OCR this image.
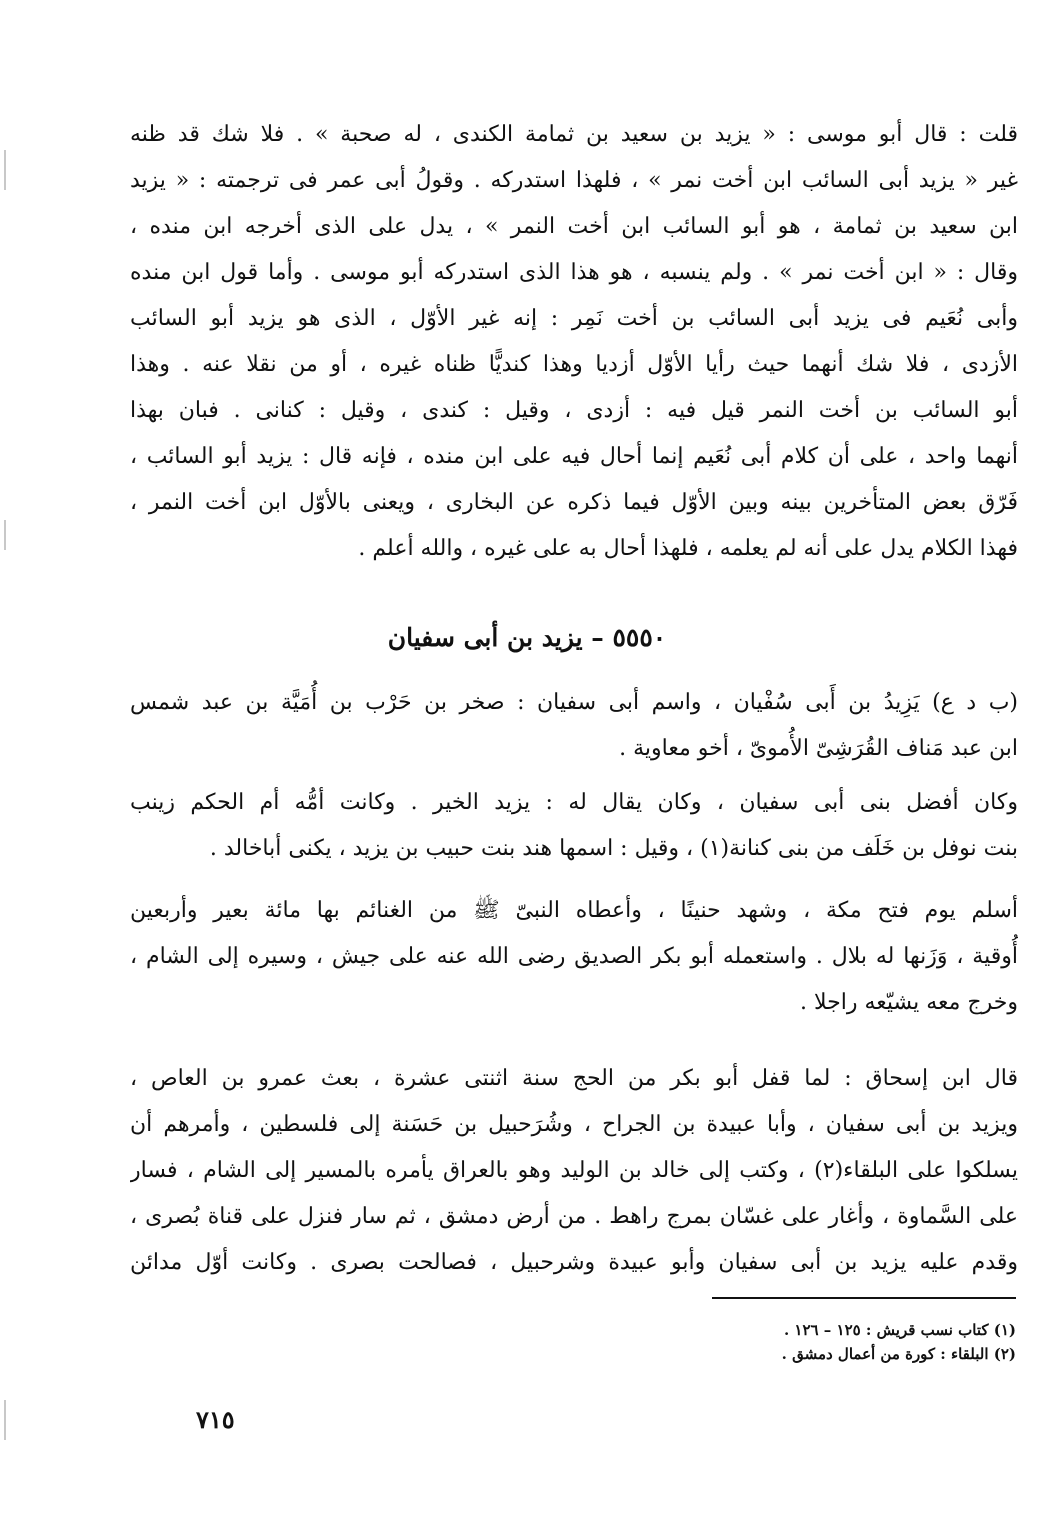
قلت : قال أبو موسى : « يزيد بن سعيد بن ثمامة الكندى ، له صحبة » . فلا شك قد ظنه
غير « يزيد أبى السائب ابن أخت نمر » ، فلهذا استدركه . وقولُ أبى عمر فى ترجمته : « يزيد
ابن سعيد بن ثمامة ، هو أبو السائب ابن أخت النمر » ، يدل على الذى أخرجه ابن منده ،
وقال : « ابن أخت نمر » . ولم ينسبه ، هو هذا الذى استدركه أبو موسى . وأما قول ابن منده
وأبى نُعَيم فى يزيد أبى السائب بن أخت نَمِر : إنه غير الأوّل ، الذى هو يزيد أبو السائب
الأزدى ، فلا شك أنهما حيث رأيا الأوّل أزديا وهذا كنديًّا ظناه غيره ، أو من نقلا عنه . وهذا
أبو السائب بن أخت النمر قيل فيه : أزدى ، وقيل : كندى ، وقيل : كنانى . فبان بهذا
أنهما واحد ، على أن كلام أبى نُعَيم إنما أحال فيه على ابن منده ، فإنه قال : يزيد أبو السائب ،
فَرّق بعض المتأخرين بينه وبين الأوّل فيما ذكره عن البخارى ، ويعنى بالأوّل ابن أخت النمر ،
فهذا الكلام يدل على أنه لم يعلمه ، فلهذا أحال به على غيره ، والله أعلم .
٥٥٥٠ – يزيد بن أبى سفيان
(ب د ع) يَزِيدُ بن أَبى سُفْيان ، واسم أبى سفيان : صخر بن حَرْب بن أُمَيَّة بن عبد شمس
ابن عبد مَناف القُرَشِىّ الأُموىّ ، أخو معاوية .
وكان أفضل بنى أبى سفيان ، وكان يقال له : يزيد الخير . وكانت أمُّه أم الحكم زينب
بنت نوفل بن خَلَف من بنى كنانة(١) ، وقيل : اسمها هند بنت حبيب بن يزيد ، يكنى أباخالد .
أسلم يوم فتح مكة ، وشهد حنينًا ، وأعطاه النبىّ ﷺ من الغنائم بها مائة بعير وأربعين
أُوقية ، وَزَنها له بلال . واستعمله أبو بكر الصديق رضى الله عنه على جيش ، وسيره إلى الشام ،
وخرج معه يشيّعه راجلا .
قال ابن إسحاق : لما قفل أبو بكر من الحج سنة اثنتى عشرة ، بعث عمرو بن العاص ،
ويزيد بن أبى سفيان ، وأبا عبيدة بن الجراح ، وشُرَحبيل بن حَسَنة إلى فلسطين ، وأمرهم أن
يسلكوا على البلقاء(٢) ، وكتب إلى خالد بن الوليد وهو بالعراق يأمره بالمسير إلى الشام ، فسار
على السَّماوة ، وأغار على غسّان بمرج راهط . من أرض دمشق ، ثم سار فنزل على قناة بُصرى ،
وقدم عليه يزيد بن أبى سفيان وأبو عبيدة وشرحبيل ، فصالحت بصرى . وكانت أوّل مدائن
(١) كتاب نسب قريش : ١٢٥ – ١٢٦ .
(٢) البلقاء : كورة من أعمال دمشق .
٧١٥
